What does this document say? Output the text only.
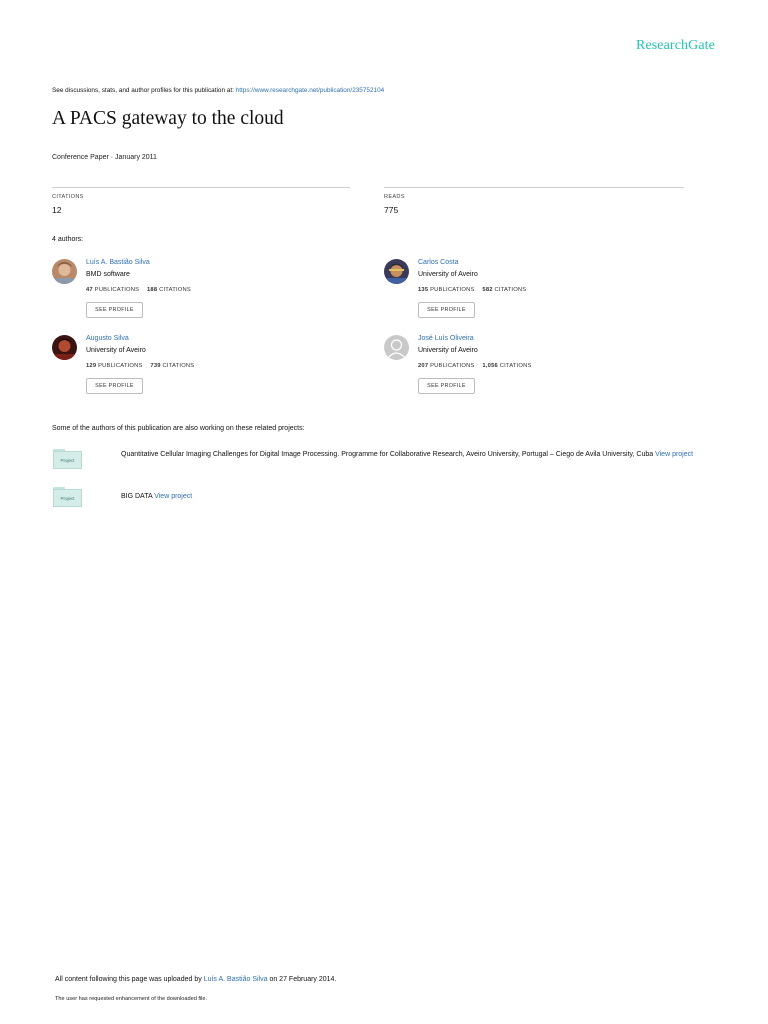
ResearchGate
See discussions, stats, and author profiles for this publication at: https://www.researchgate.net/publication/235752104
A PACS gateway to the cloud
Conference Paper · January 2011
CITATIONS
12
READS
775
4 authors:
Luís A. Bastião Silva
BMD software
47 PUBLICATIONS 188 CITATIONS
SEE PROFILE
Carlos Costa
University of Aveiro
135 PUBLICATIONS 582 CITATIONS
SEE PROFILE
Augusto Silva
University of Aveiro
129 PUBLICATIONS 739 CITATIONS
SEE PROFILE
José Luís Oliveira
University of Aveiro
207 PUBLICATIONS 1,056 CITATIONS
SEE PROFILE
Some of the authors of this publication are also working on these related projects:
Project
Quantitative Cellular Imaging Challenges for Digital Image Processing. Programme for Collaborative Research, Aveiro University, Portugal – Ciego de Avila University, Cuba View project
Project	BIG DATA View project
All content following this page was uploaded by Luís A. Bastião Silva on 27 February 2014.
The user has requested enhancement of the downloaded file.
